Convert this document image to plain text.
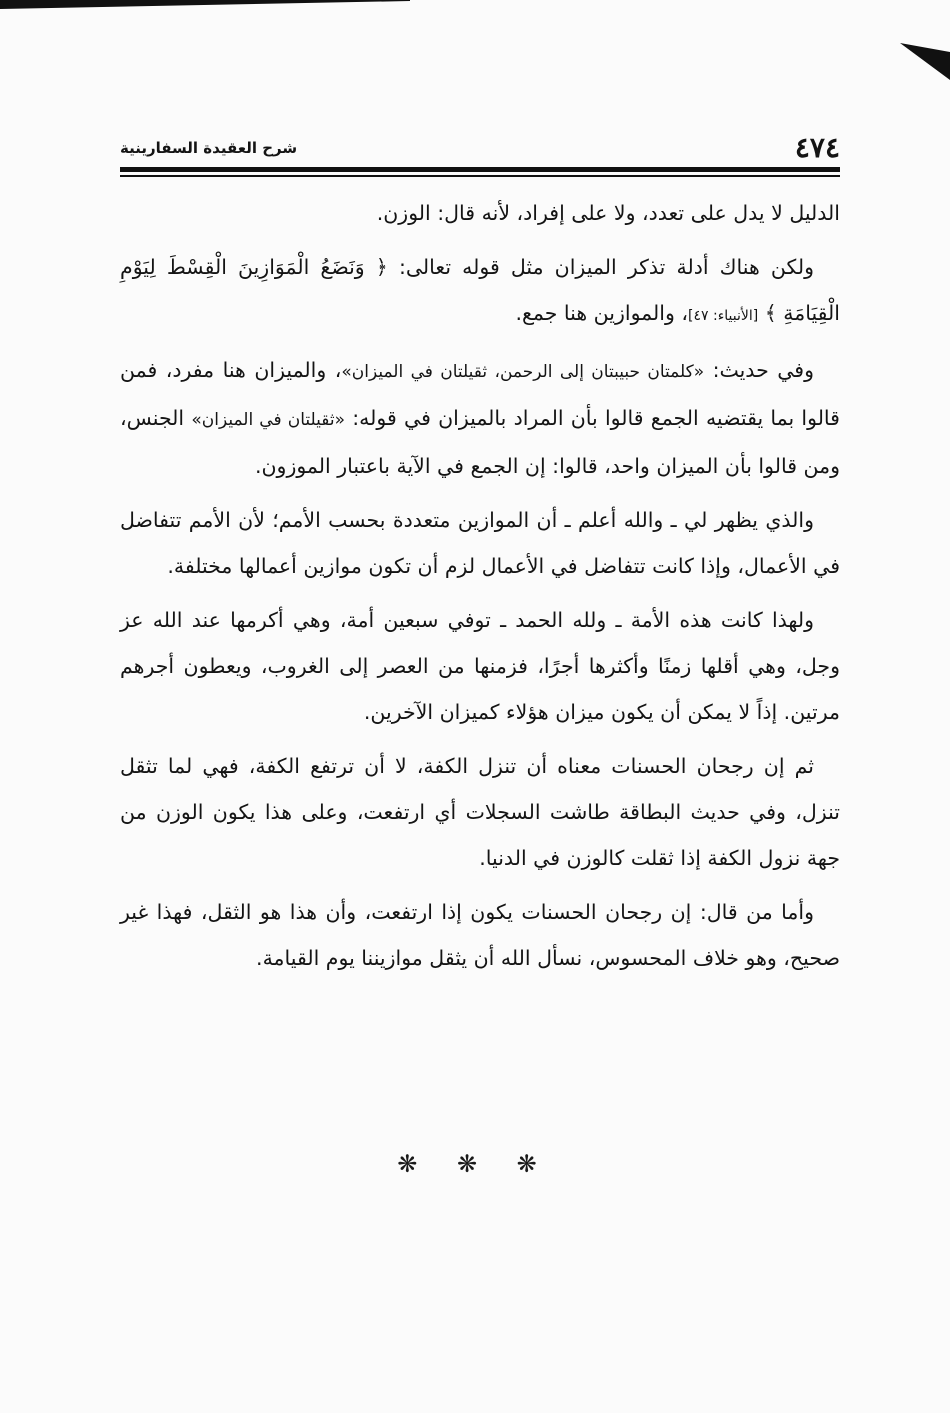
٤٧٤
شرح العقيدة السفارينية

الدليل لا يدل على تعدد، ولا على إفراد، لأنه قال: الوزن.

ولكن هناك أدلة تذكر الميزان مثل قوله تعالى: ﴿ وَنَضَعُ الْمَوَازِينَ الْقِسْطَ لِيَوْمِ الْقِيَامَةِ ﴾ [الأنبياء: ٤٧]، والموازين هنا جمع.

وفي حديث: «كلمتان حبيبتان إلى الرحمن، ثقيلتان في الميزان»، والميزان هنا مفرد، فمن قالوا بما يقتضيه الجمع قالوا بأن المراد بالميزان في قوله: «ثقيلتان في الميزان» الجنس، ومن قالوا بأن الميزان واحد، قالوا: إن الجمع في الآية باعتبار الموزون.

والذي يظهر لي ـ والله أعلم ـ أن الموازين متعددة بحسب الأمم؛ لأن الأمم تتفاضل في الأعمال، وإذا كانت تتفاضل في الأعمال لزم أن تكون موازين أعمالها مختلفة.

ولهذا كانت هذه الأمة ـ ولله الحمد ـ توفي سبعين أمة، وهي أكرمها عند الله عز وجل، وهي أقلها زمنًا وأكثرها أجرًا، فزمنها من العصر إلى الغروب، ويعطون أجرهم مرتين. إذاً لا يمكن أن يكون ميزان هؤلاء كميزان الآخرين.

ثم إن رجحان الحسنات معناه أن تنزل الكفة، لا أن ترتفع الكفة، فهي لما تثقل تنزل، وفي حديث البطاقة طاشت السجلات أي ارتفعت، وعلى هذا يكون الوزن من جهة نزول الكفة إذا ثقلت كالوزن في الدنيا.

وأما من قال: إن رجحان الحسنات يكون إذا ارتفعت، وأن هذا هو الثقل، فهذا غير صحيح، وهو خلاف المحسوس، نسأل الله أن يثقل موازيننا يوم القيامة.

❋ ❋ ❋
